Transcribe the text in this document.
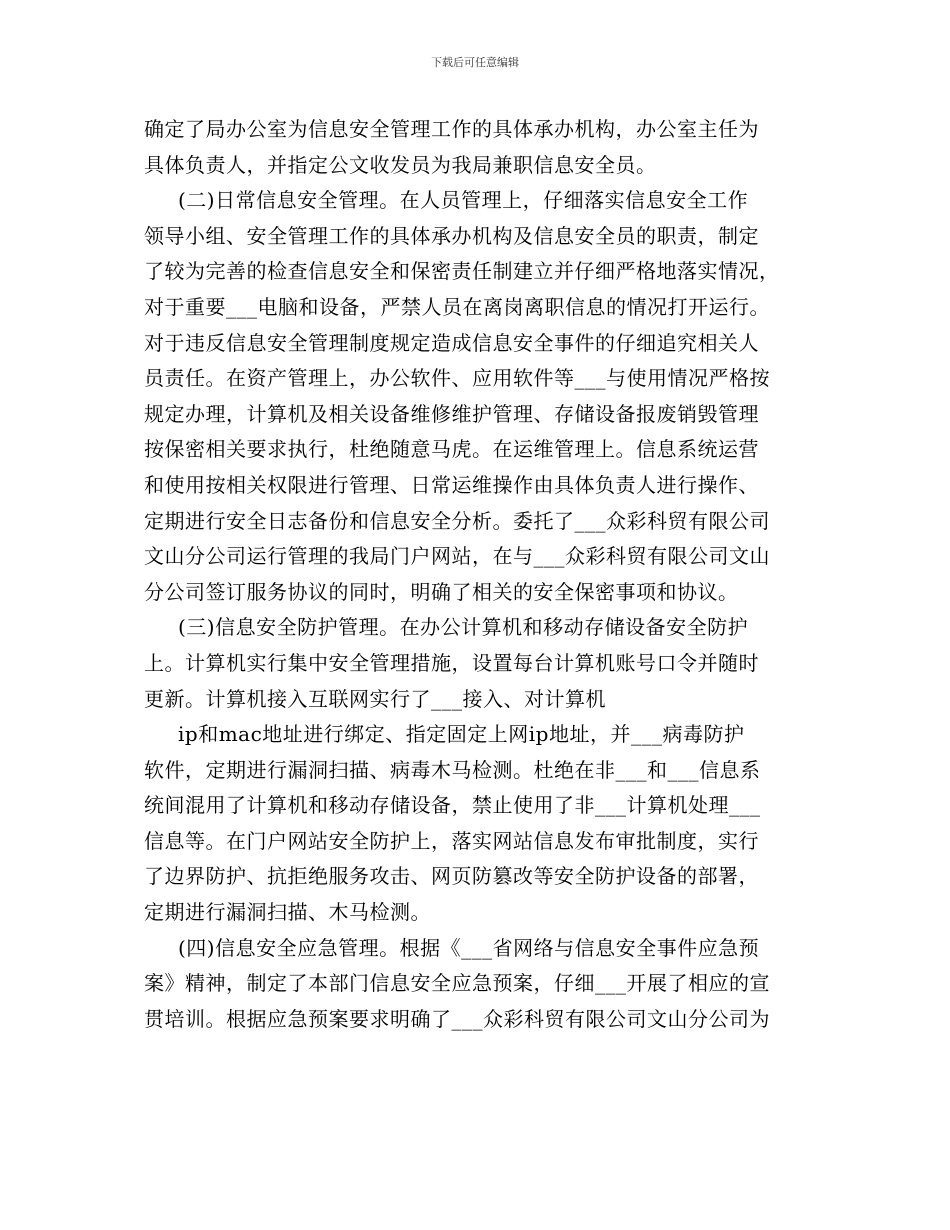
下载后可任意编辑
确定了局办公室为信息安全管理工作的具体承办机构，办公室主任为
具体负责人，并指定公文收发员为我局兼职信息安全员。
(二)日常信息安全管理。在人员管理上，仔细落实信息安全工作
领导小组、安全管理工作的具体承办机构及信息安全员的职责，制定
了较为完善的检查信息安全和保密责任制建立并仔细严格地落实情况，
对于重要___电脑和设备，严禁人员在离岗离职信息的情况打开运行。
对于违反信息安全管理制度规定造成信息安全事件的仔细追究相关人
员责任。在资产管理上，办公软件、应用软件等___与使用情况严格按
规定办理，计算机及相关设备维修维护管理、存储设备报废销毁管理
按保密相关要求执行，杜绝随意马虎。在运维管理上。信息系统运营
和使用按相关权限进行管理、日常运维操作由具体负责人进行操作、
定期进行安全日志备份和信息安全分析。委托了___众彩科贸有限公司
文山分公司运行管理的我局门户网站，在与___众彩科贸有限公司文山
分公司签订服务协议的同时，明确了相关的安全保密事项和协议。
(三)信息安全防护管理。在办公计算机和移动存储设备安全防护
上。计算机实行集中安全管理措施，设置每台计算机账号口令并随时
更新。计算机接入互联网实行了___接入、对计算机
ip和mac地址进行绑定、指定固定上网ip地址，并___病毒防护
软件，定期进行漏洞扫描、病毒木马检测。杜绝在非___和___信息系
统间混用了计算机和移动存储设备，禁止使用了非___计算机处理___
信息等。在门户网站安全防护上，落实网站信息发布审批制度，实行
了边界防护、抗拒绝服务攻击、网页防篡改等安全防护设备的部署，
定期进行漏洞扫描、木马检测。
(四)信息安全应急管理。根据《___省网络与信息安全事件应急预
案》精神，制定了本部门信息安全应急预案，仔细___开展了相应的宣
贯培训。根据应急预案要求明确了___众彩科贸有限公司文山分公司为
